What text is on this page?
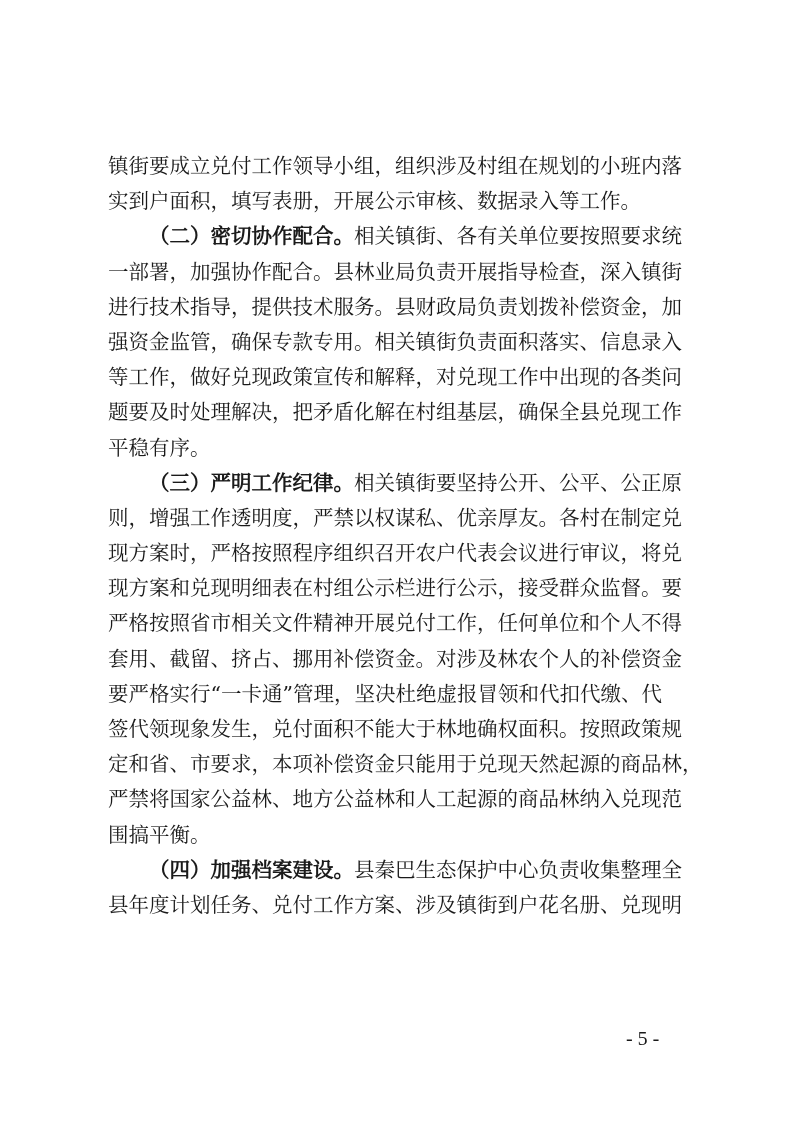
镇街要成立兑付工作领导小组，组织涉及村组在规划的小班内落
实到户面积，填写表册，开展公示审核、数据录入等工作。
（二）密切协作配合。相关镇街、各有关单位要按照要求统
一部署，加强协作配合。县林业局负责开展指导检查，深入镇街
进行技术指导，提供技术服务。县财政局负责划拨补偿资金，加
强资金监管，确保专款专用。相关镇街负责面积落实、信息录入
等工作，做好兑现政策宣传和解释，对兑现工作中出现的各类问
题要及时处理解决，把矛盾化解在村组基层，确保全县兑现工作
平稳有序。
（三）严明工作纪律。相关镇街要坚持公开、公平、公正原
则，增强工作透明度，严禁以权谋私、优亲厚友。各村在制定兑
现方案时，严格按照程序组织召开农户代表会议进行审议，将兑
现方案和兑现明细表在村组公示栏进行公示，接受群众监督。要
严格按照省市相关文件精神开展兑付工作，任何单位和个人不得
套用、截留、挤占、挪用补偿资金。对涉及林农个人的补偿资金
要严格实行“一卡通”管理，坚决杜绝虚报冒领和代扣代缴、代
签代领现象发生，兑付面积不能大于林地确权面积。按照政策规
定和省、市要求，本项补偿资金只能用于兑现天然起源的商品林，
严禁将国家公益林、地方公益林和人工起源的商品林纳入兑现范
围搞平衡。
（四）加强档案建设。县秦巴生态保护中心负责收集整理全
县年度计划任务、兑付工作方案、涉及镇街到户花名册、兑现明
- 5 -
